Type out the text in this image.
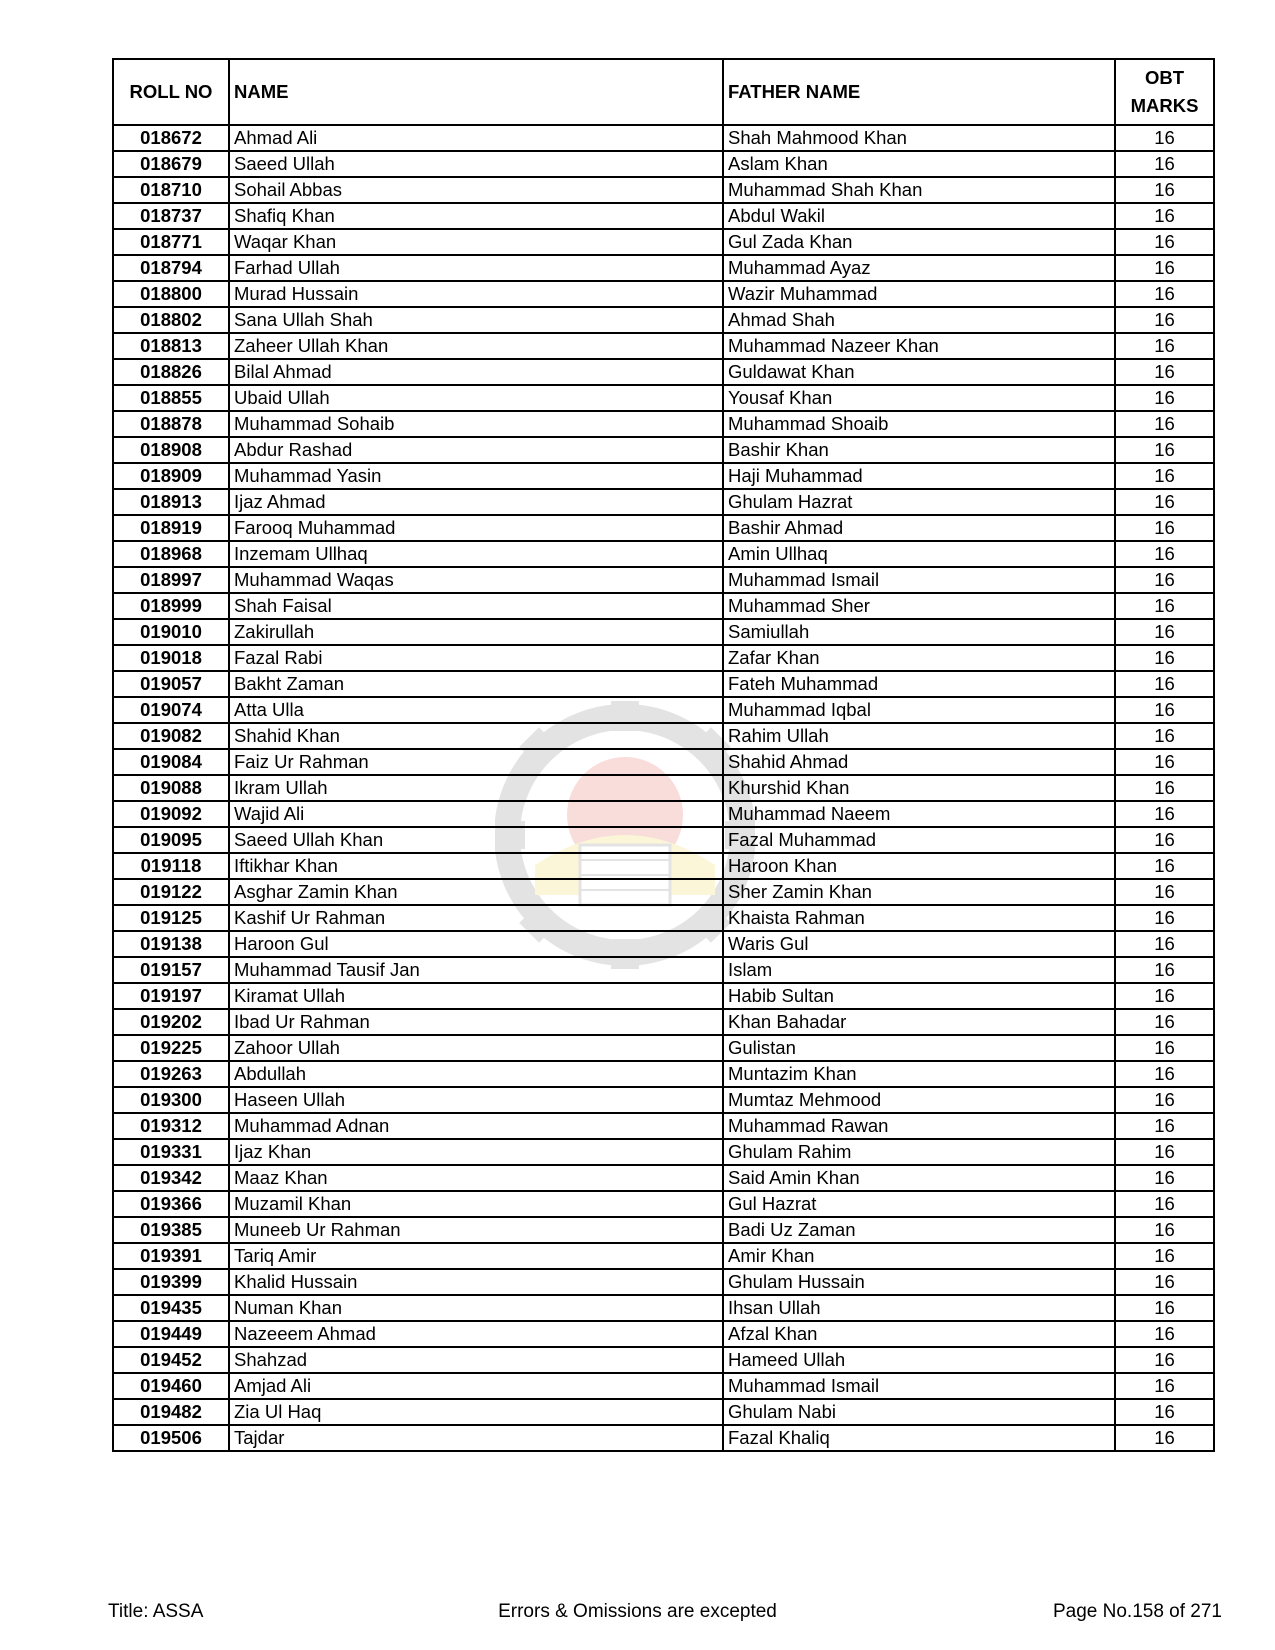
ROLL NO	NAME	FATHER NAME	OBT
MARKS
018672	Ahmad Ali	Shah Mahmood Khan	16
018679	Saeed Ullah	Aslam Khan	16
018710	Sohail Abbas	Muhammad Shah Khan	16
018737	Shafiq Khan	Abdul Wakil	16
018771	Waqar Khan	Gul Zada Khan	16
018794	Farhad Ullah	Muhammad Ayaz	16
018800	Murad Hussain	Wazir Muhammad	16
018802	Sana Ullah Shah	Ahmad Shah	16
018813	Zaheer Ullah Khan	Muhammad Nazeer Khan	16
018826	Bilal Ahmad	Guldawat Khan	16
018855	Ubaid Ullah	Yousaf Khan	16
018878	Muhammad Sohaib	Muhammad Shoaib	16
018908	Abdur Rashad	Bashir Khan	16
018909	Muhammad Yasin	Haji Muhammad	16
018913	Ijaz Ahmad	Ghulam Hazrat	16
018919	Farooq Muhammad	Bashir Ahmad	16
018968	Inzemam Ullhaq	Amin Ullhaq	16
018997	Muhammad Waqas	Muhammad Ismail	16
018999	Shah Faisal	Muhammad Sher	16
019010	Zakirullah	Samiullah	16
019018	Fazal Rabi	Zafar Khan	16
019057	Bakht Zaman	Fateh Muhammad	16
019074	Atta Ulla	Muhammad Iqbal	16
019082	Shahid Khan	Rahim Ullah	16
019084	Faiz Ur Rahman	Shahid Ahmad	16
019088	Ikram Ullah	Khurshid Khan	16
019092	Wajid Ali	Muhammad Naeem	16
019095	Saeed Ullah Khan	Fazal Muhammad	16
019118	Iftikhar Khan	Haroon Khan	16
019122	Asghar Zamin Khan	Sher Zamin Khan	16
019125	Kashif Ur Rahman	Khaista Rahman	16
019138	Haroon Gul	Waris Gul	16
019157	Muhammad Tausif Jan	Islam	16
019197	Kiramat Ullah	Habib Sultan	16
019202	Ibad Ur Rahman	Khan Bahadar	16
019225	Zahoor Ullah	Gulistan	16
019263	Abdullah	Muntazim Khan	16
019300	Haseen Ullah	Mumtaz Mehmood	16
019312	Muhammad Adnan	Muhammad Rawan	16
019331	Ijaz Khan	Ghulam Rahim	16
019342	Maaz Khan	Said Amin Khan	16
019366	Muzamil Khan	Gul Hazrat	16
019385	Muneeb Ur Rahman	Badi Uz Zaman	16
019391	Tariq Amir	Amir Khan	16
019399	Khalid Hussain	Ghulam Hussain	16
019435	Numan Khan	Ihsan Ullah	16
019449	Nazeeem Ahmad	Afzal Khan	16
019452	Shahzad	Hameed Ullah	16
019460	Amjad Ali	Muhammad Ismail	16
019482	Zia Ul Haq	Ghulam Nabi	16
019506	Tajdar	Fazal Khaliq	16
Title: ASSA	Errors & Omissions are excepted	Page No.158 of 271
